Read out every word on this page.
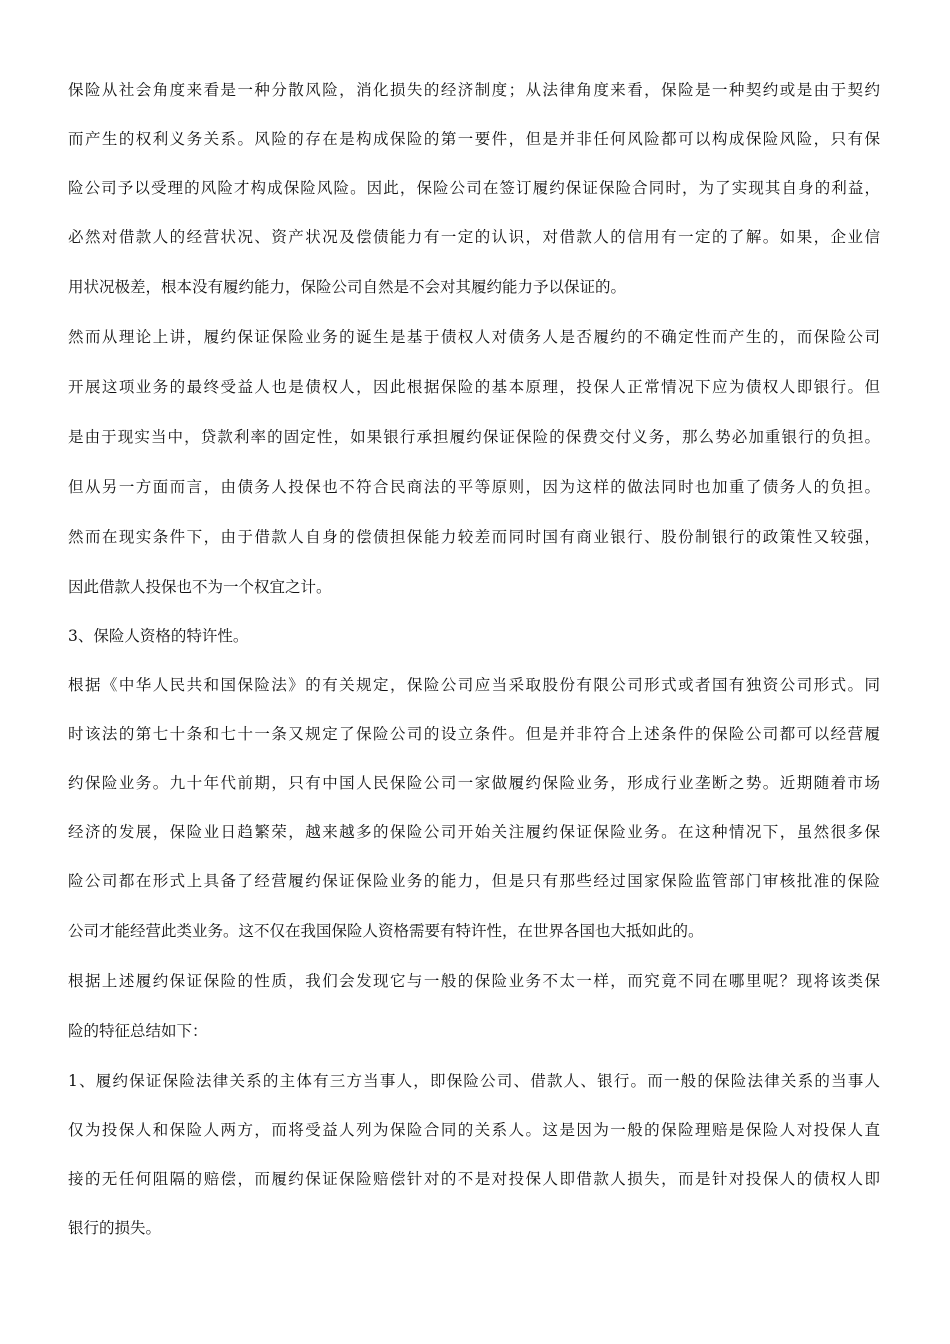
保险从社会角度来看是一种分散风险，消化损失的经济制度；从法律角度来看，保险是一种契约或是由于契约
而产生的权利义务关系。风险的存在是构成保险的第一要件，但是并非任何风险都可以构成保险风险，只有保
险公司予以受理的风险才构成保险风险。因此，保险公司在签订履约保证保险合同时，为了实现其自身的利益，
必然对借款人的经营状况、资产状况及偿债能力有一定的认识，对借款人的信用有一定的了解。如果，企业信
用状况极差，根本没有履约能力，保险公司自然是不会对其履约能力予以保证的。
然而从理论上讲，履约保证保险业务的诞生是基于债权人对债务人是否履约的不确定性而产生的，而保险公司
开展这项业务的最终受益人也是债权人，因此根据保险的基本原理，投保人正常情况下应为债权人即银行。但
是由于现实当中，贷款利率的固定性，如果银行承担履约保证保险的保费交付义务，那么势必加重银行的负担。
但从另一方面而言，由债务人投保也不符合民商法的平等原则，因为这样的做法同时也加重了债务人的负担。
然而在现实条件下，由于借款人自身的偿债担保能力较差而同时国有商业银行、股份制银行的政策性又较强，
因此借款人投保也不为一个权宜之计。
3、保险人资格的特许性。
根据《中华人民共和国保险法》的有关规定，保险公司应当采取股份有限公司形式或者国有独资公司形式。同
时该法的第七十条和七十一条又规定了保险公司的设立条件。但是并非符合上述条件的保险公司都可以经营履
约保险业务。九十年代前期，只有中国人民保险公司一家做履约保险业务，形成行业垄断之势。近期随着市场
经济的发展，保险业日趋繁荣，越来越多的保险公司开始关注履约保证保险业务。在这种情况下，虽然很多保
险公司都在形式上具备了经营履约保证保险业务的能力，但是只有那些经过国家保险监管部门审核批准的保险
公司才能经营此类业务。这不仅在我国保险人资格需要有特许性，在世界各国也大抵如此的。
根据上述履约保证保险的性质，我们会发现它与一般的保险业务不太一样，而究竟不同在哪里呢？现将该类保
险的特征总结如下：
1、履约保证保险法律关系的主体有三方当事人，即保险公司、借款人、银行。而一般的保险法律关系的当事人
仅为投保人和保险人两方，而将受益人列为保险合同的关系人。这是因为一般的保险理赔是保险人对投保人直
接的无任何阻隔的赔偿，而履约保证保险赔偿针对的不是对投保人即借款人损失，而是针对投保人的债权人即
银行的损失。
